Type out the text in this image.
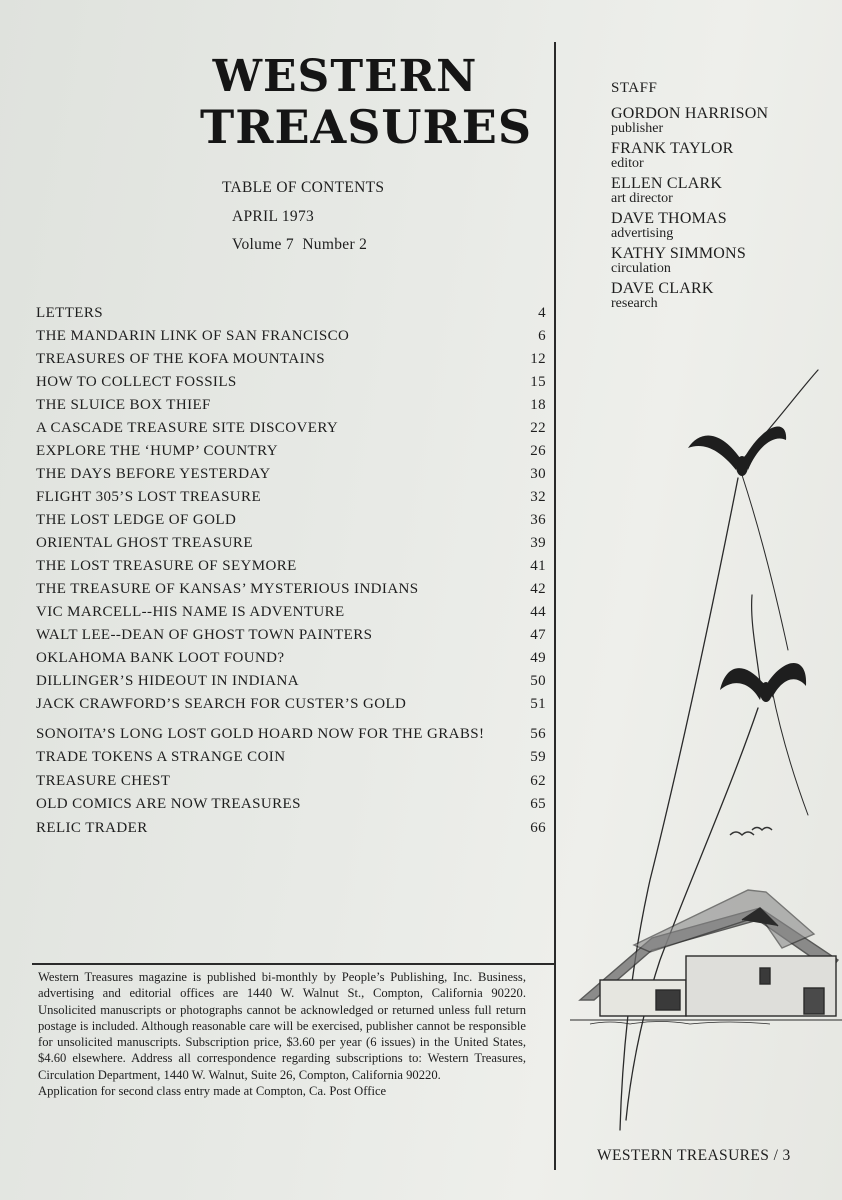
WESTERN
TREASURES
TABLE OF CONTENTS
APRIL 1973
Volume 7  Number 2
LETTERS	4
THE MANDARIN LINK OF SAN FRANCISCO	6
TREASURES OF THE KOFA MOUNTAINS	12
HOW TO COLLECT FOSSILS	15
THE SLUICE BOX THIEF	18
A CASCADE TREASURE SITE DISCOVERY	22
EXPLORE THE ‘HUMP’ COUNTRY	26
THE DAYS BEFORE YESTERDAY	30
FLIGHT 305’S LOST TREASURE	32
THE LOST LEDGE OF GOLD	36
ORIENTAL GHOST TREASURE	39
THE LOST TREASURE OF SEYMORE	41
THE TREASURE OF KANSAS’ MYSTERIOUS INDIANS	42
VIC MARCELL--HIS NAME IS ADVENTURE	44
WALT LEE--DEAN OF GHOST TOWN PAINTERS	47
OKLAHOMA BANK LOOT FOUND?	49
DILLINGER’S HIDEOUT IN INDIANA	50
JACK CRAWFORD’S SEARCH FOR CUSTER’S GOLD	51
SONOITA’S LONG LOST GOLD HOARD NOW FOR THE GRABS!	56
TRADE TOKENS A STRANGE COIN	59
TREASURE CHEST	62
OLD COMICS ARE NOW TREASURES	65
RELIC TRADER	66
STAFF
GORDON HARRISON
publisher
FRANK TAYLOR
editor
ELLEN CLARK
art director
DAVE THOMAS
advertising
KATHY SIMMONS
circulation
DAVE CLARK
research
Western Treasures magazine is published bi-monthly by People’s Publishing, Inc. Business, advertising and editorial offices are 1440 W. Walnut St., Compton, California 90220. Unsolicited manuscripts or photographs cannot be acknowledged or returned unless full return postage is included. Although reasonable care will be exercised, publisher cannot be responsible for unsolicited manuscripts. Subscription price, $3.60 per year (6 issues) in the United States, $4.60 elsewhere. Address all correspondence regarding subscriptions to: Western Treasures, Circulation Department, 1440 W. Walnut, Suite 26, Compton, California 90220.
Application for second class entry made at Compton, Ca. Post Office
WESTERN TREASURES / 3
